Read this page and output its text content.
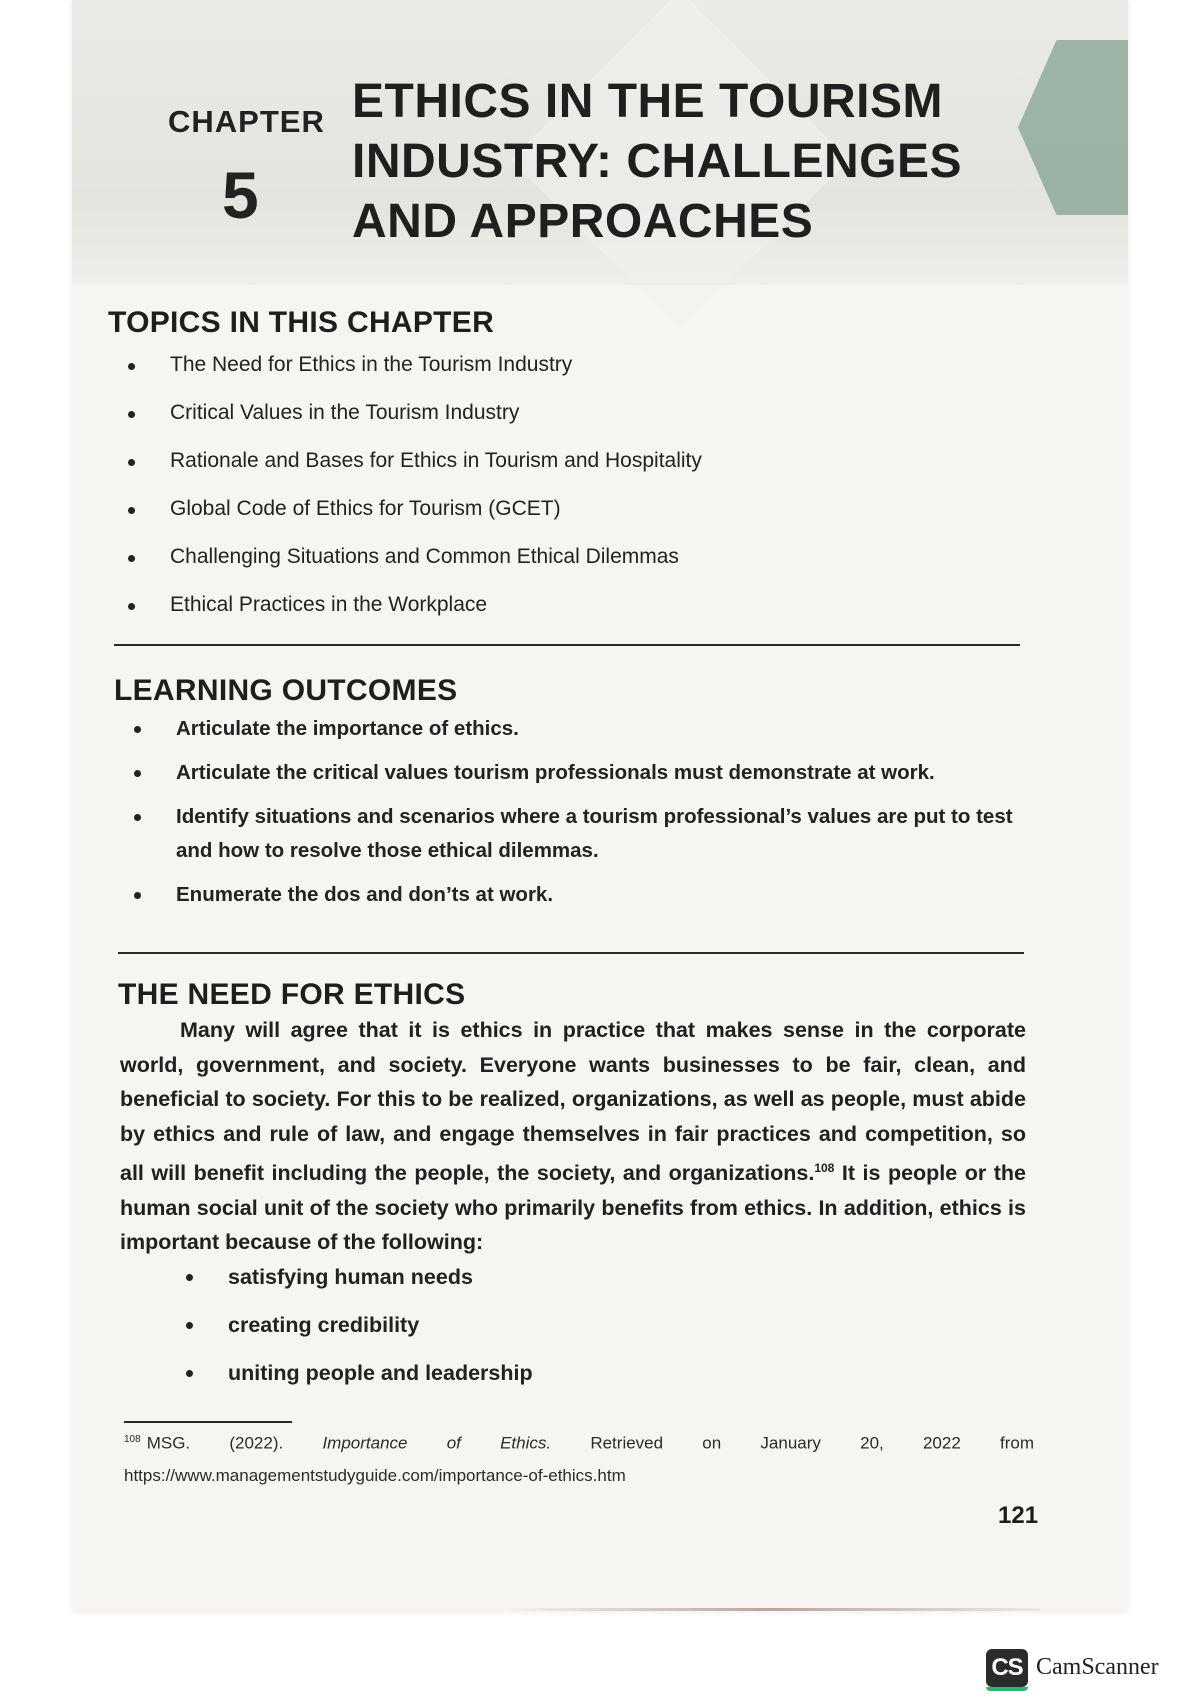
CHAPTER
5
ETHICS IN THE TOURISM INDUSTRY: CHALLENGES AND APPROACHES
TOPICS IN THIS CHAPTER
The Need for Ethics in the Tourism Industry
Critical Values in the Tourism Industry
Rationale and Bases for Ethics in Tourism and Hospitality
Global Code of Ethics for Tourism (GCET)
Challenging Situations and Common Ethical Dilemmas
Ethical Practices in the Workplace
LEARNING OUTCOMES
Articulate the importance of ethics.
Articulate the critical values tourism professionals must demonstrate at work.
Identify situations and scenarios where a tourism professional’s values are put to test and how to resolve those ethical dilemmas.
Enumerate the dos and don’ts at work.
THE NEED FOR ETHICS
Many will agree that it is ethics in practice that makes sense in the corporate world, government, and society. Everyone wants businesses to be fair, clean, and beneficial to society. For this to be realized, organizations, as well as people, must abide by ethics and rule of law, and engage themselves in fair practices and competition, so all will benefit including the people, the society, and organizations.$^{108}$ It is people or the human social unit of the society who primarily benefits from ethics. In addition, ethics is important because of the following:
satisfying human needs
creating credibility
uniting people and leadership
$^{108}$ MSG. (2022). Importance of Ethics. Retrieved on January 20, 2022 from https://www.managementstudyguide.com/importance-of-ethics.htm
121
CS CamScanner
